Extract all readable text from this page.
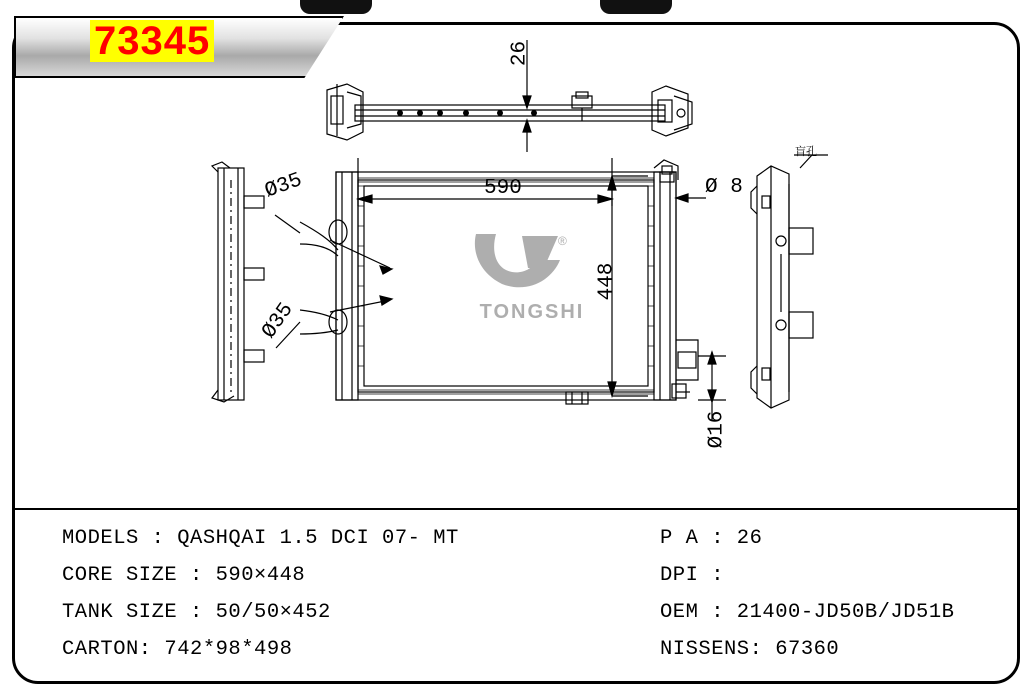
26
590
448
Ø 8
Ø16
Ø35
Ø35
盲孔
®
TONGSHI
73345
MODELS : QASHQAI 1.5 DCI 07- MT
CORE SIZE : 590×448
TANK SIZE : 50/50×452
CARTON: 742*98*498
P A : 26
DPI :
OEM : 21400-JD50B/JD51B
NISSENS: 67360
